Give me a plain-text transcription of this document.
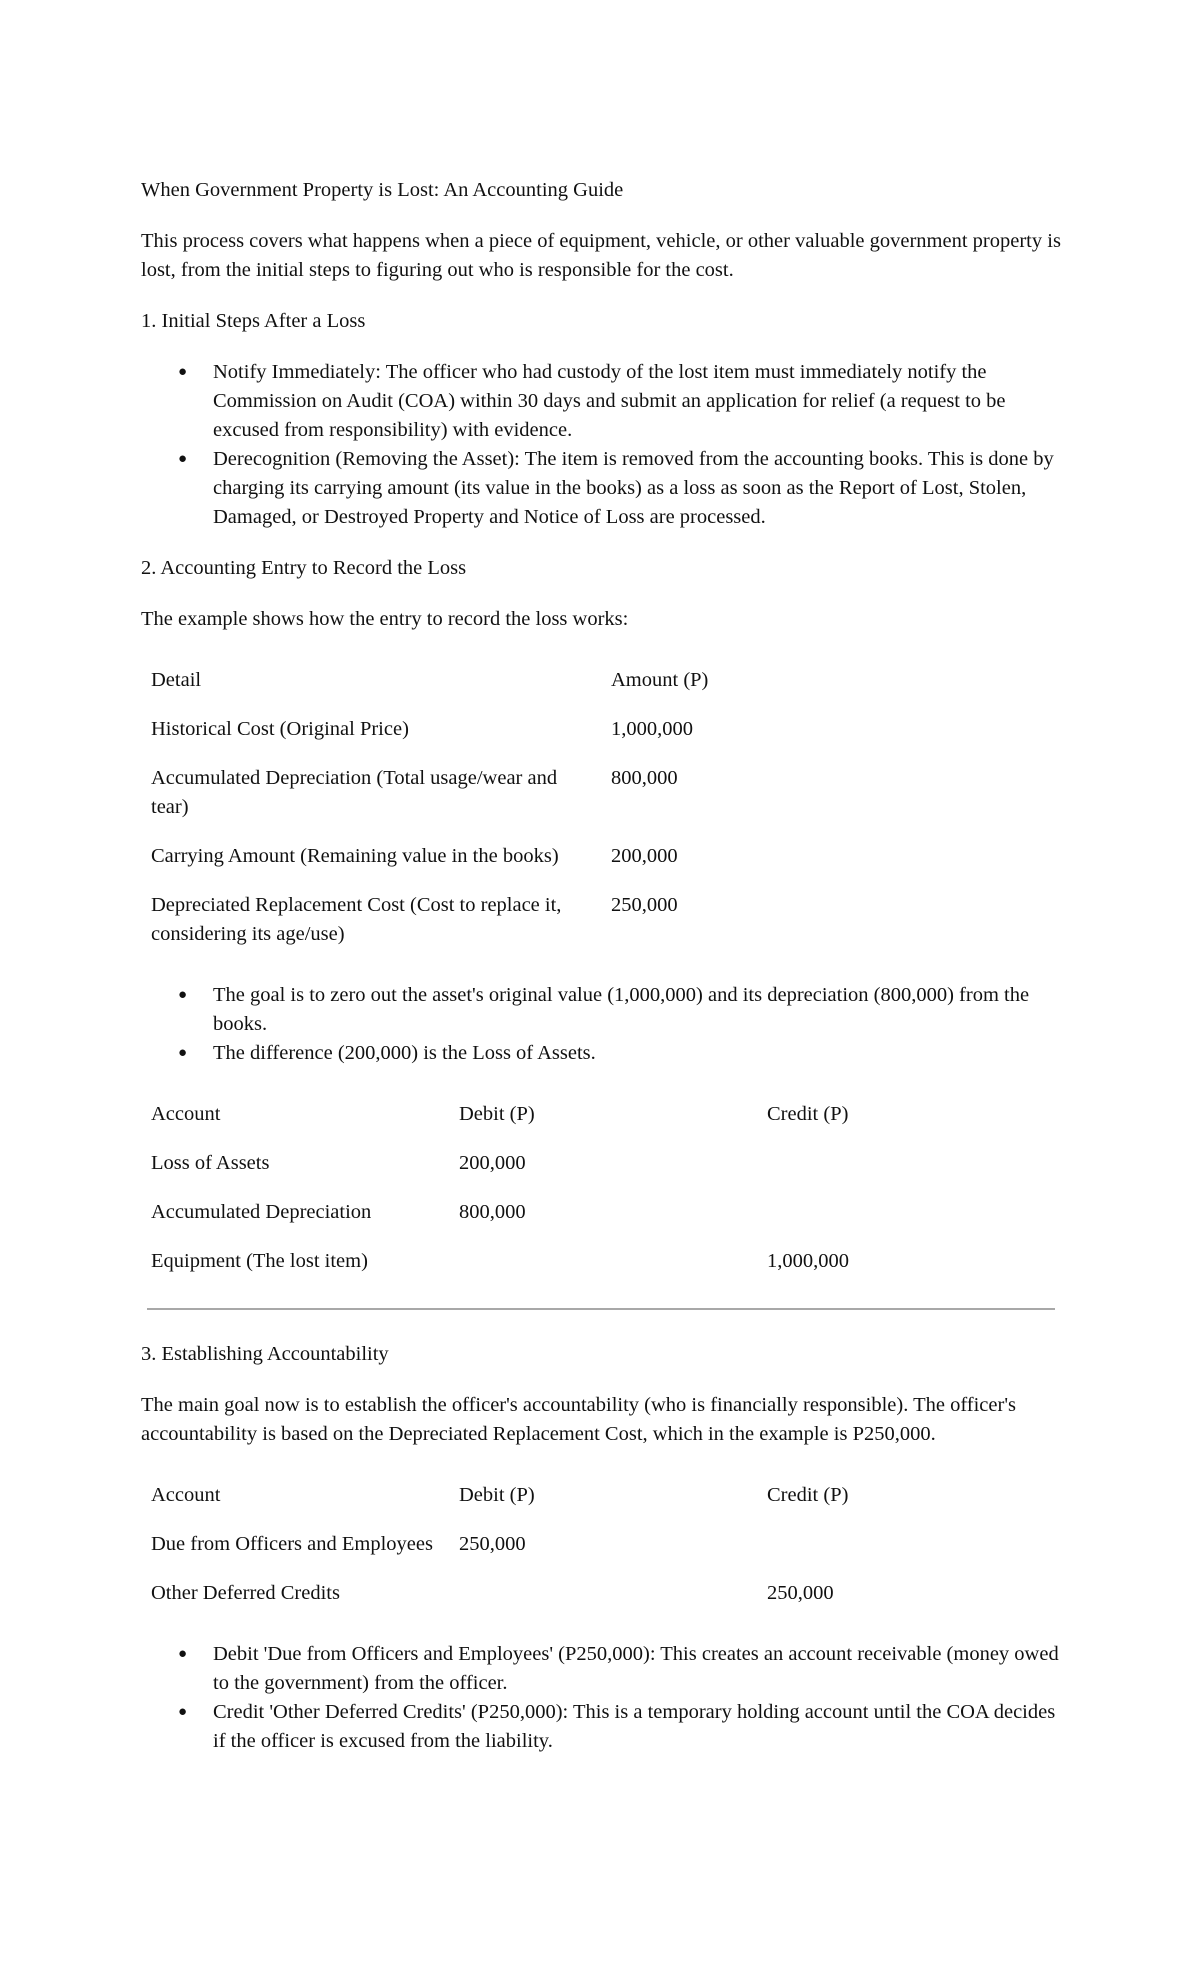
When Government Property is Lost: An Accounting Guide

This process covers what happens when a piece of equipment, vehicle, or other valuable government property is lost, from the initial steps to figuring out who is responsible for the cost.

1. Initial Steps After a Loss

● Notify Immediately: The officer who had custody of the lost item must immediately notify the Commission on Audit (COA) within 30 days and submit an application for relief (a request to be excused from responsibility) with evidence.
● Derecognition (Removing the Asset): The item is removed from the accounting books. This is done by charging its carrying amount (its value in the books) as a loss as soon as the Report of Lost, Stolen, Damaged, or Destroyed Property and Notice of Loss are processed.

2. Accounting Entry to Record the Loss

The example shows how the entry to record the loss works:

Detail	Amount (P)
Historical Cost (Original Price)	1,000,000
Accumulated Depreciation (Total usage/wear and tear)	800,000
Carrying Amount (Remaining value in the books)	200,000
Depreciated Replacement Cost (Cost to replace it, considering its age/use)	250,000
● The goal is to zero out the asset's original value (1,000,000) and its depreciation (800,000) from the books.
● The difference (200,000) is the Loss of Assets.
Account	Debit (P)	Credit (P)
Loss of Assets	200,000	
Accumulated Depreciation	800,000	
Equipment (The lost item)		1,000,000

3. Establishing Accountability

The main goal now is to establish the officer's accountability (who is financially responsible). The officer's accountability is based on the Depreciated Replacement Cost, which in the example is P250,000.

Account	Debit (P)	Credit (P)
Due from Officers and Employees	250,000	
Other Deferred Credits		250,000
● Debit 'Due from Officers and Employees' (P250,000): This creates an account receivable (money owed to the government) from the officer.
● Credit 'Other Deferred Credits' (P250,000): This is a temporary holding account until the COA decides if the officer is excused from the liability.
